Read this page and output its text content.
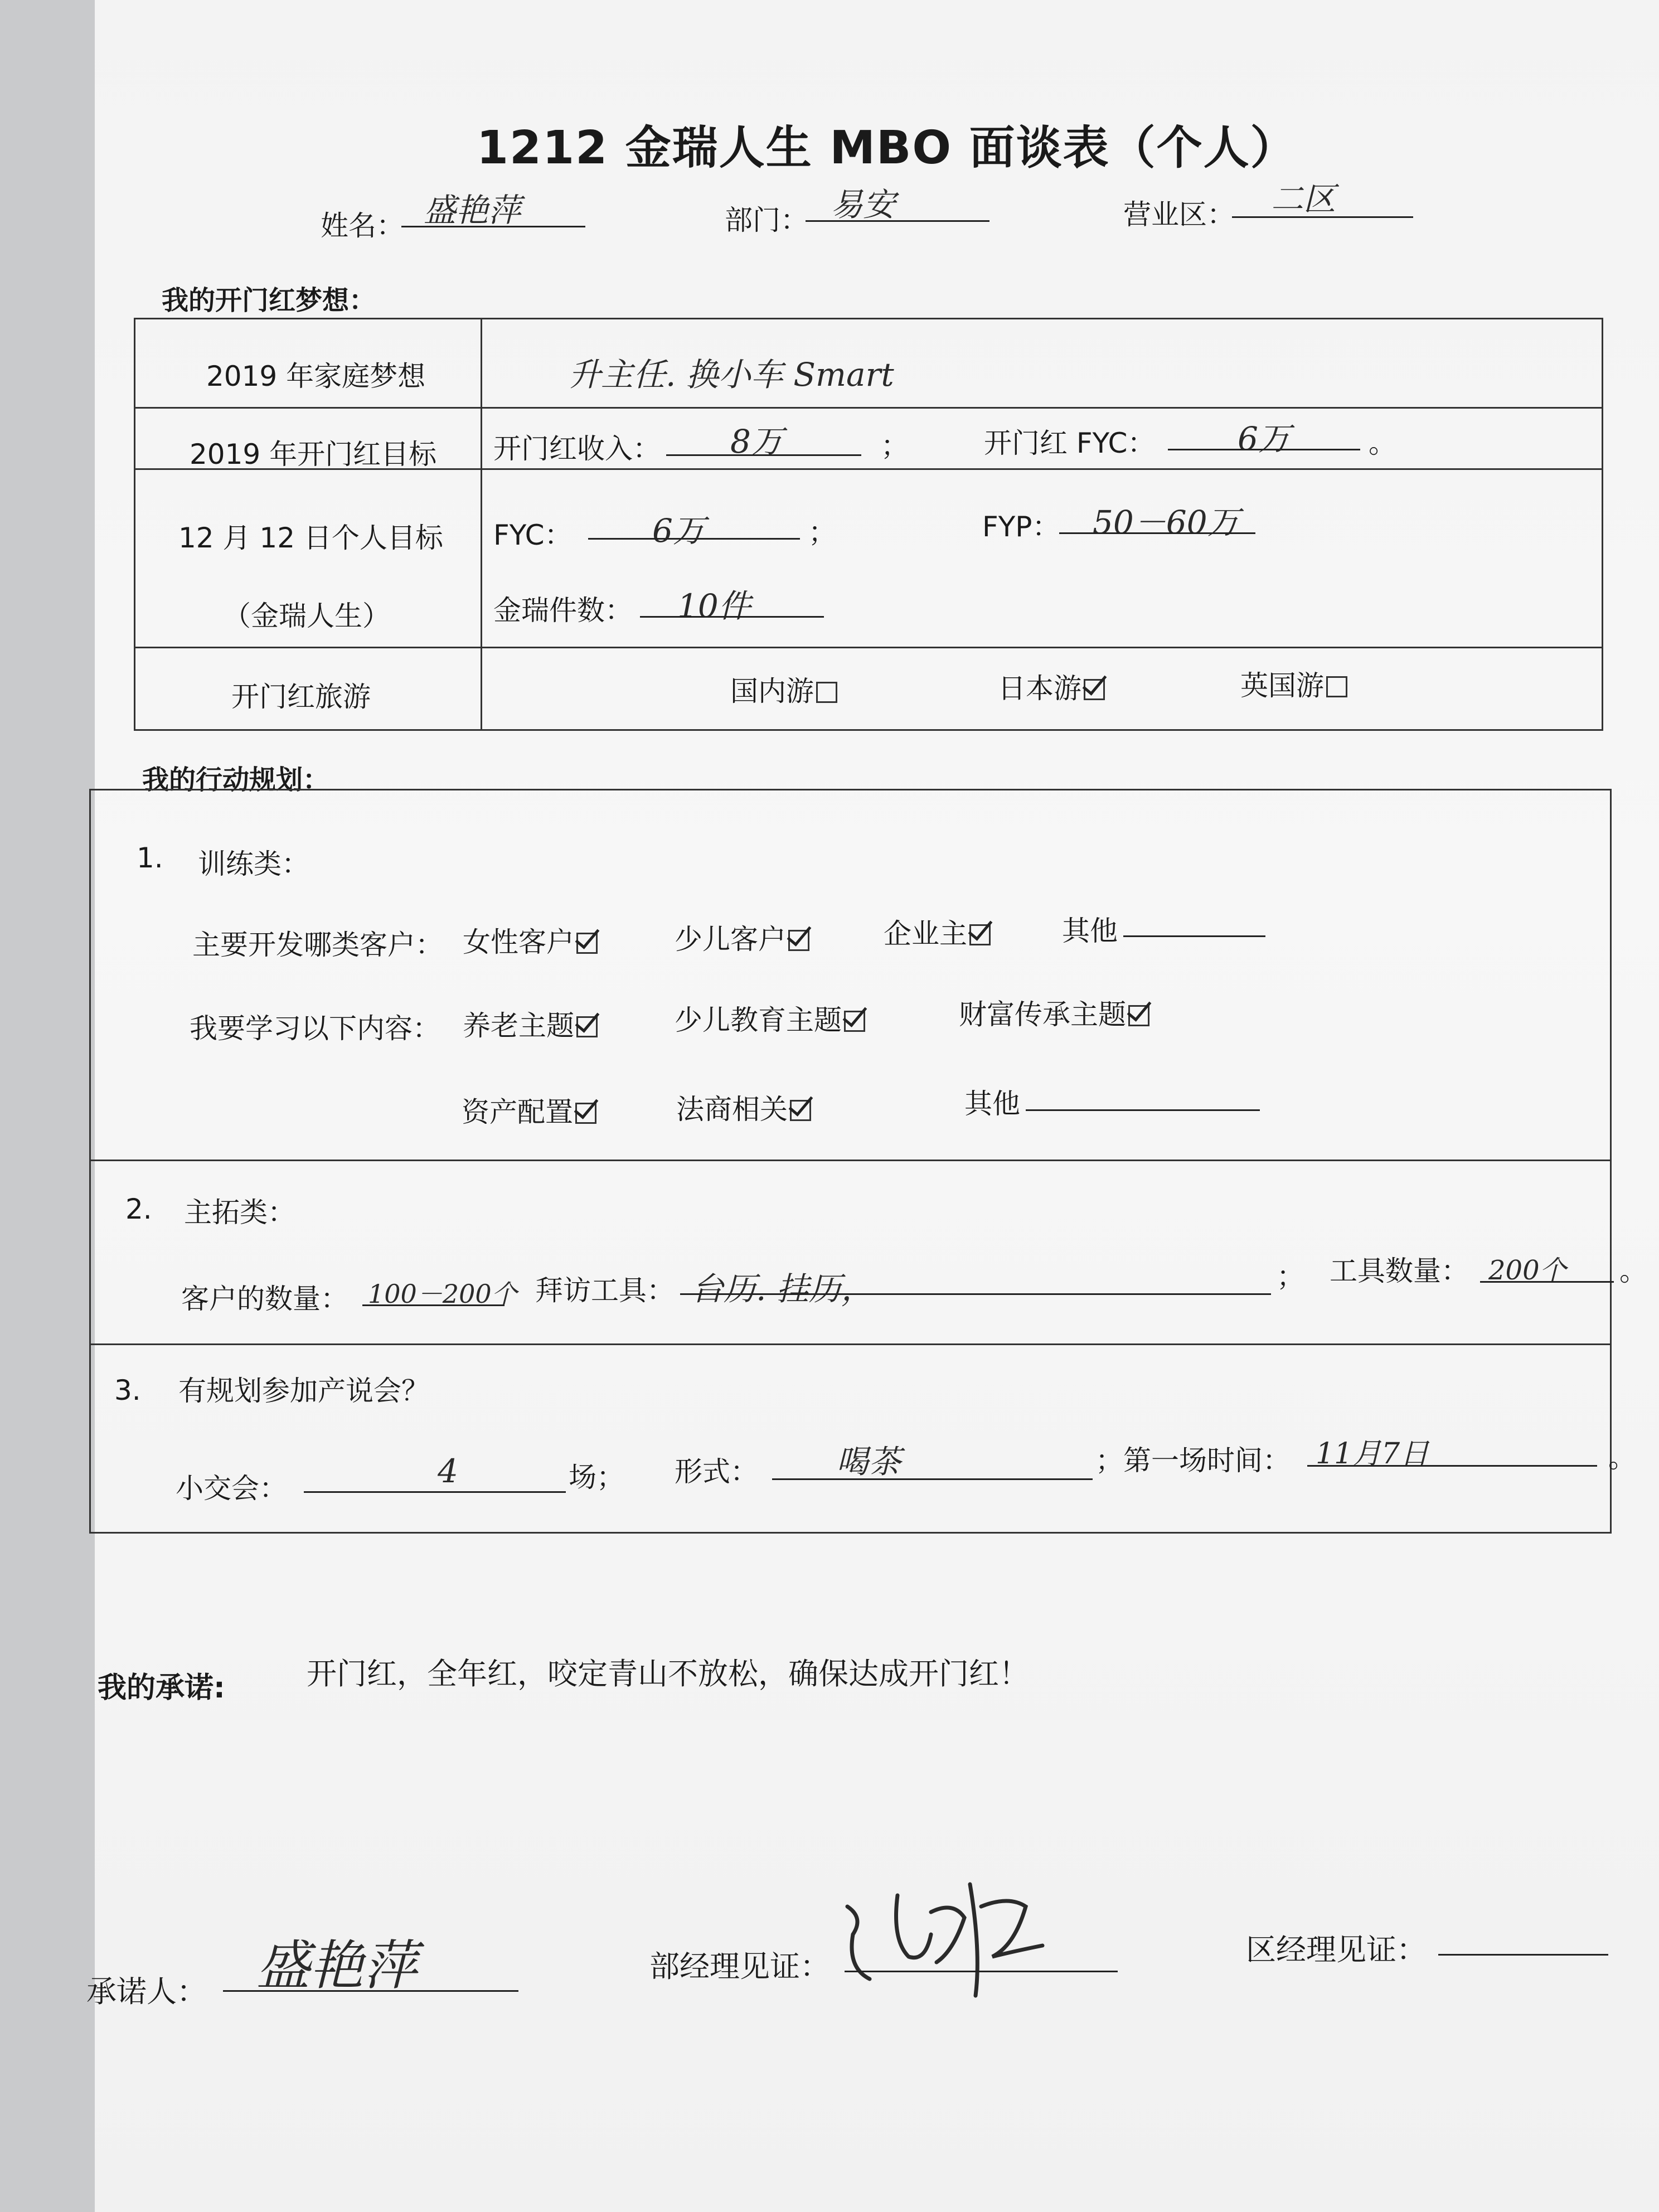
1212 金瑞人生 MBO 面谈表（个人）
姓名： 盛艳萍	部门： 易安	营业区： 二区
我的开门红梦想：
2019 年家庭梦想	升主任. 换小车 Smart
2019 年开门红目标 开门红收入： 8万	；	开门红 FYC：	6万	。
12 月 12 日个人目标
（金瑞人生）
FYC： 6万	；	FYP： 50－60万
金瑞件数： 10件
开门红旅游	国内游	日本游	英国游
我的行动规划：
1. 训练类：
主要开发哪类客户： 女性客户	少儿客户	企业主	其他
我要学习以下内容： 养老主题	少儿教育主题	财富传承主题
资产配置	法商相关	其他
2. 主拓类：
客户的数量： 100－200个 拜访工具： 台历. 挂历，	； 工具数量： 200个 。
3. 有规划参加产说会？
小交会：	4	场； 形式： 喝茶	；第一场时间： 11月7日	。
我的承诺:	开门红，全年红，咬定青山不放松，确保达成开门红！
承诺人： 盛艳萍	部经理见证：	区经理见证：
